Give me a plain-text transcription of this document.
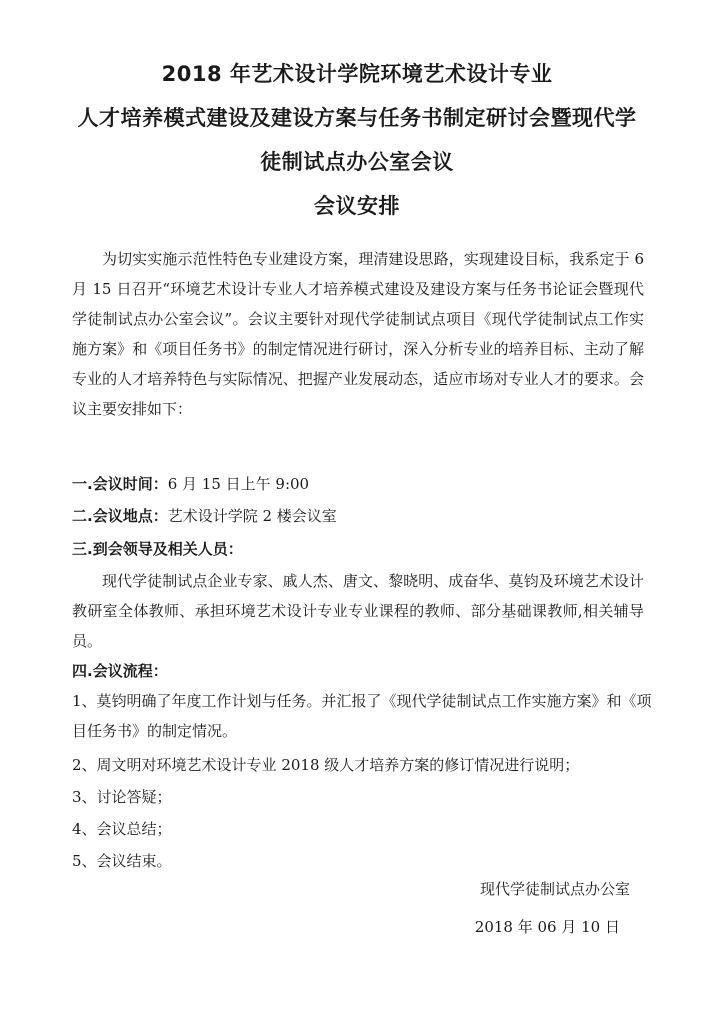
2018 年艺术设计学院环境艺术设计专业
人才培养模式建设及建设方案与任务书制定研讨会暨现代学
徒制试点办公室会议
会议安排

为切实实施示范性特色专业建设方案，理清建设思路，实现建设目标，我系定于 6 月 15 日召开“环境艺术设计专业人才培养模式建设及建设方案与任务书论证会暨现代学徒制试点办公室会议”。会议主要针对现代学徒制试点项目《现代学徒制试点工作实施方案》和《项目任务书》的制定情况进行研讨，深入分析专业的培养目标、主动了解专业的人才培养特色与实际情况、把握产业发展动态，适应市场对专业人才的要求。会议主要安排如下：

一.会议时间：6 月 15 日上午 9:00
二.会议地点：艺术设计学院 2 楼会议室
三.到会领导及相关人员：

现代学徒制试点企业专家、戚人杰、唐文、黎晓明、成奋华、莫钧及环境艺术设计教研室全体教师、承担环境艺术设计专业专业课程的教师、部分基础课教师,相关辅导员。

四.会议流程：

1、莫钧明确了年度工作计划与任务。并汇报了《现代学徒制试点工作实施方案》和《项目任务书》的制定情况。

2、周文明对环境艺术设计专业 2018 级人才培养方案的修订情况进行说明；

3、讨论答疑；

4、会议总结；

5、会议结束。

现代学徒制试点办公室
2018 年 06 月 10 日
